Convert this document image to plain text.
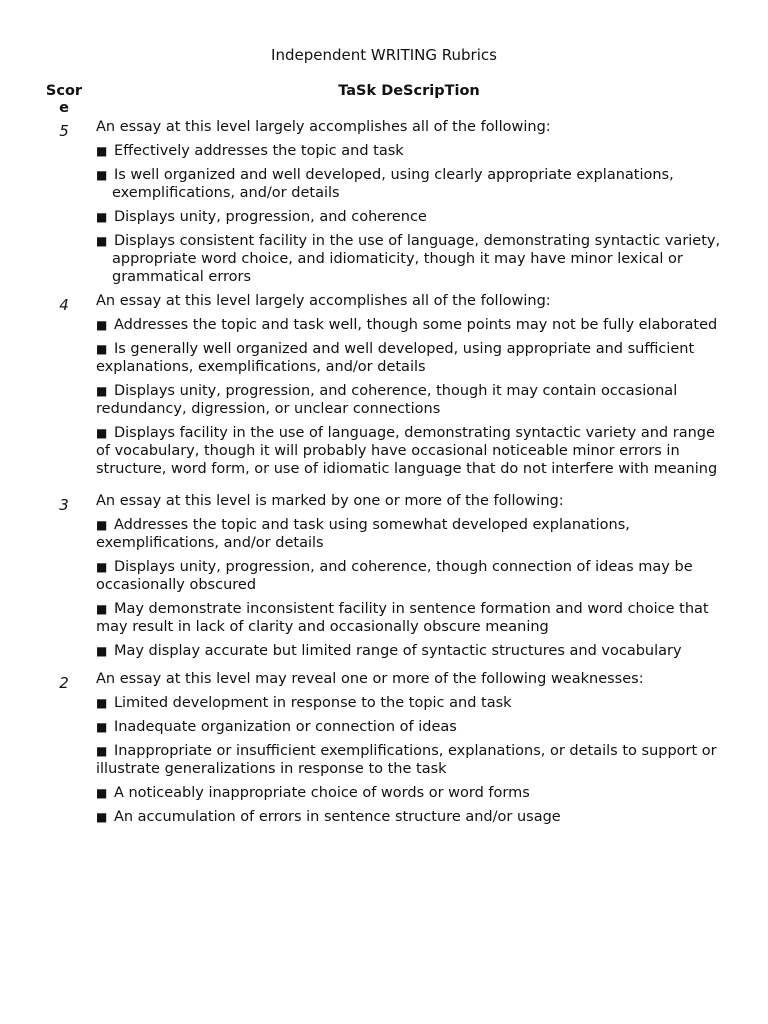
Independent WRITING Rubrics
Score
TaSk DeScripTion
5	An essay at this level largely accomplishes all of the following:
■ Effectively addresses the topic and task
■ Is well organized and well developed, using clearly appropriate explanations, exemplifications, and/or details
■ Displays unity, progression, and coherence
■ Displays consistent facility in the use of language, demonstrating syntactic variety, appropriate word choice, and idiomaticity, though it may have minor lexical or grammatical errors
4	An essay at this level largely accomplishes all of the following:
■ Addresses the topic and task well, though some points may not be fully elaborated
■ Is generally well organized and well developed, using appropriate and sufficient explanations, exemplifications, and/or details
■ Displays unity, progression, and coherence, though it may contain occasional redundancy, digression, or unclear connections
■ Displays facility in the use of language, demonstrating syntactic variety and range of vocabulary, though it will probably have occasional noticeable minor errors in structure, word form, or use of idiomatic language that do not interfere with meaning
3	An essay at this level is marked by one or more of the following:
■ Addresses the topic and task using somewhat developed explanations, exemplifications, and/or details
■ Displays unity, progression, and coherence, though connection of ideas may be occasionally obscured
■ May demonstrate inconsistent facility in sentence formation and word choice that may result in lack of clarity and occasionally obscure meaning
■ May display accurate but limited range of syntactic structures and vocabulary
2	An essay at this level may reveal one or more of the following weaknesses:
■ Limited development in response to the topic and task
■ Inadequate organization or connection of ideas
■ Inappropriate or insufficient exemplifications, explanations, or details to support or illustrate generalizations in response to the task
■ A noticeably inappropriate choice of words or word forms
■ An accumulation of errors in sentence structure and/or usage
